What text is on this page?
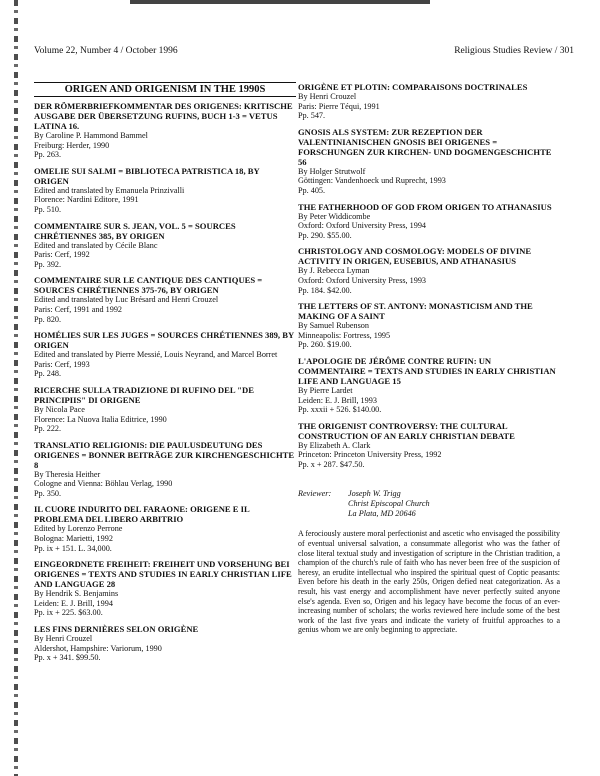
Volume 22, Number 4 / October 1996	Religious Studies Review / 301
ORIGEN AND ORIGENISM IN THE 1990S
DER RÖMERBRIEFKOMMENTAR DES ORIGENES: KRITISCHE AUSGABE DER ÜBERSETZUNG RUFINS, BUCH 1-3 = VETUS LATINA 16.
By Caroline P. Hammond Bammel
Freiburg: Herder, 1990
Pp. 263.
OMELIE SUI SALMI = BIBLIOTECA PATRISTICA 18, BY ORIGEN
Edited and translated by Emanuela Prinzivalli
Florence: Nardini Editore, 1991
Pp. 510.
COMMENTAIRE SUR S. JEAN, VOL. 5 = SOURCES CHRÉTIENNES 385, BY ORIGEN
Edited and translated by Cécile Blanc
Paris: Cerf, 1992
Pp. 392.
COMMENTAIRE SUR LE CANTIQUE DES CANTIQUES = SOURCES CHRÉTIENNES 375-76, BY ORIGEN
Edited and translated by Luc Brésard and Henri Crouzel
Paris: Cerf, 1991 and 1992
Pp. 820.
HOMÉLIES SUR LES JUGES = SOURCES CHRÉTIENNES 389, BY ORIGEN
Edited and translated by Pierre Messié, Louis Neyrand, and Marcel Borret
Paris: Cerf, 1993
Pp. 248.
RICERCHE SULLA TRADIZIONE DI RUFINO DEL "DE PRINCIPIIS" DI ORIGENE
By Nicola Pace
Florence: La Nuova Italia Editrice, 1990
Pp. 222.
TRANSLATIO RELIGIONIS: DIE PAULUSDEUTUNG DES ORIGENES = BONNER BEITRÄGE ZUR KIRCHENGESCHICHTE 8
By Theresia Heither
Cologne and Vienna: Böhlau Verlag, 1990
Pp. 350.
IL CUORE INDURITO DEL FARAONE: ORIGENE E IL PROBLEMA DEL LIBERO ARBITRIO
Edited by Lorenzo Perrone
Bologna: Marietti, 1992
Pp. ix + 151. L. 34,000.
EINGEORDNETE FREIHEIT: FREIHEIT UND VORSEHUNG BEI ORIGENES = TEXTS AND STUDIES IN EARLY CHRISTIAN LIFE AND LANGUAGE 28
By Hendrik S. Benjamins
Leiden: E. J. Brill, 1994
Pp. ix + 225. $63.00.
LES FINS DERNIÈRES SELON ORIGÈNE
By Henri Crouzel
Aldershot, Hampshire: Variorum, 1990
Pp. x + 341. $99.50.
ORIGÈNE ET PLOTIN: COMPARAISONS DOCTRINALES
By Henri Crouzel
Paris: Pierre Téqui, 1991
Pp. 547.
GNOSIS ALS SYSTEM: ZUR REZEPTION DER VALENTINIANISCHEN GNOSIS BEI ORIGENES = FORSCHUNGEN ZUR KIRCHEN- UND DOGMENGESCHICHTE 56
By Holger Strutwolf
Göttingen: Vandenhoeck und Ruprecht, 1993
Pp. 405.
THE FATHERHOOD OF GOD FROM ORIGEN TO ATHANASIUS
By Peter Widdicombe
Oxford: Oxford University Press, 1994
Pp. 290. $55.00.
CHRISTOLOGY AND COSMOLOGY: MODELS OF DIVINE ACTIVITY IN ORIGEN, EUSEBIUS, AND ATHANASIUS
By J. Rebecca Lyman
Oxford: Oxford University Press, 1993
Pp. 184. $42.00.
THE LETTERS OF ST. ANTONY: MONASTICISM AND THE MAKING OF A SAINT
By Samuel Rubenson
Minneapolis: Fortress, 1995
Pp. 260. $19.00.
L'APOLOGIE DE JÉRÔME CONTRE RUFIN: UN COMMENTAIRE = TEXTS AND STUDIES IN EARLY CHRISTIAN LIFE AND LANGUAGE 15
By Pierre Lardet
Leiden: E. J. Brill, 1993
Pp. xxxii + 526. $140.00.
THE ORIGENIST CONTROVERSY: THE CULTURAL CONSTRUCTION OF AN EARLY CHRISTIAN DEBATE
By Elizabeth A. Clark
Princeton: Princeton University Press, 1992
Pp. x + 287. $47.50.
Reviewer:	Joseph W. Trigg
Christ Episcopal Church
La Plata, MD 20646
A ferociously austere moral perfectionist and ascetic who envisaged the possibility of eventual universal salvation, a consummate allegorist who was the father of close literal textual study and investigation of scripture in the Christian tradition, a champion of the church's rule of faith who has never been free of the suspicion of heresy, an erudite intellectual who inspired the spiritual quest of Coptic peasants: Even before his death in the early 250s, Origen defied neat categorization. As a result, his vast energy and accomplishment have never perfectly suited anyone else's agenda. Even so, Origen and his legacy have become the focus of an ever-increasing number of scholars; the works reviewed here include some of the best work of the last five years and indicate the variety of fruitful approaches to a genius whom we are only beginning to appreciate.
